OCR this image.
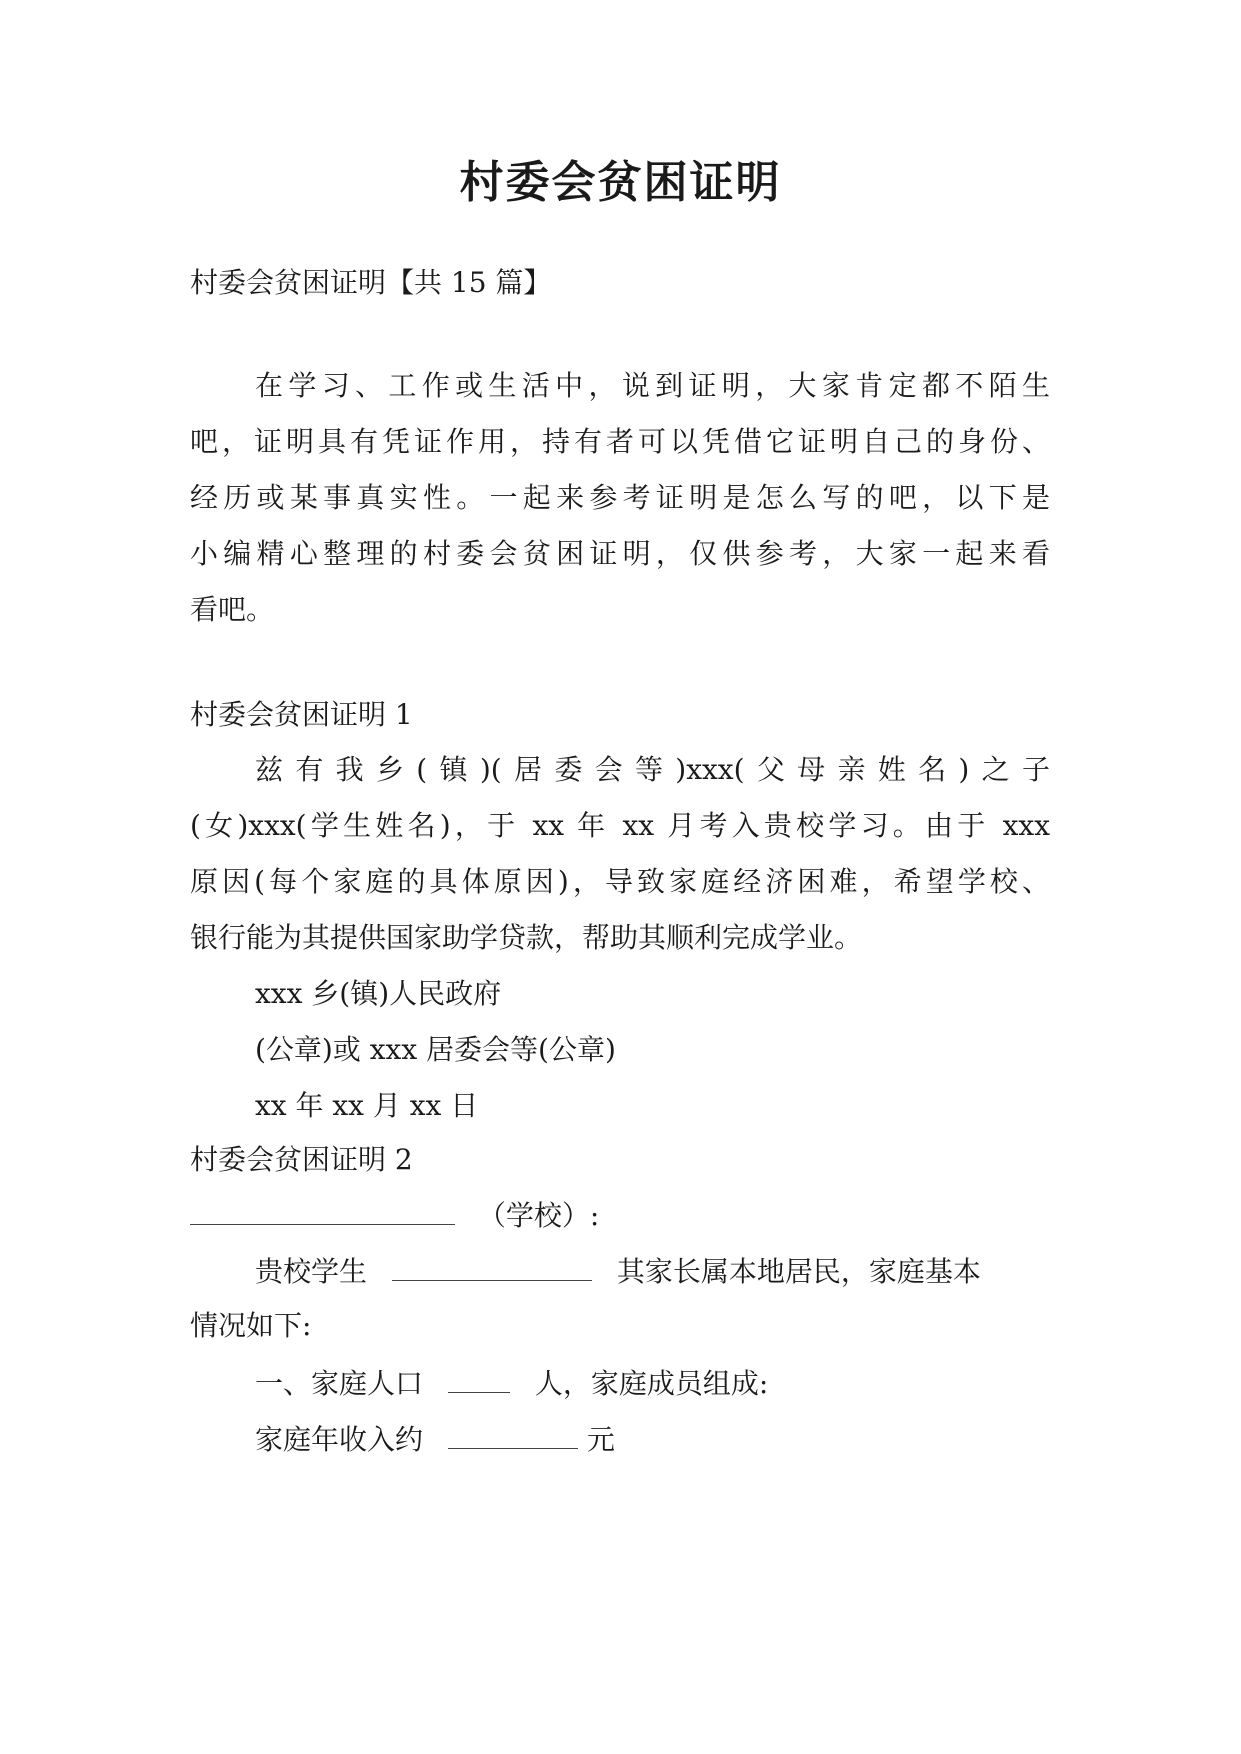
村委会贫困证明
村委会贫困证明【共 15 篇】
在学习、工作或生活中，说到证明，大家肯定都不陌生
吧，证明具有凭证作用，持有者可以凭借它证明自己的身份、
经历或某事真实性。一起来参考证明是怎么写的吧，以下是
小编精心整理的村委会贫困证明，仅供参考，大家一起来看
看吧。
村委会贫困证明 1
兹有我乡(镇)(居委会等)xxx(父母亲姓名)之子
(女)xxx(学生姓名)，于 xx 年 xx 月考入贵校学习。由于 xxx
原因(每个家庭的具体原因)，导致家庭经济困难，希望学校、
银行能为其提供国家助学贷款，帮助其顺利完成学业。
xxx 乡(镇)人民政府
(公章)或 xxx 居委会等(公章)
xx 年 xx 月 xx 日
村委会贫困证明 2
（学校）:
贵校学生	其家长属本地居民，家庭基本
情况如下:
一、家庭人口	人，家庭成员组成:
家庭年收入约	元
